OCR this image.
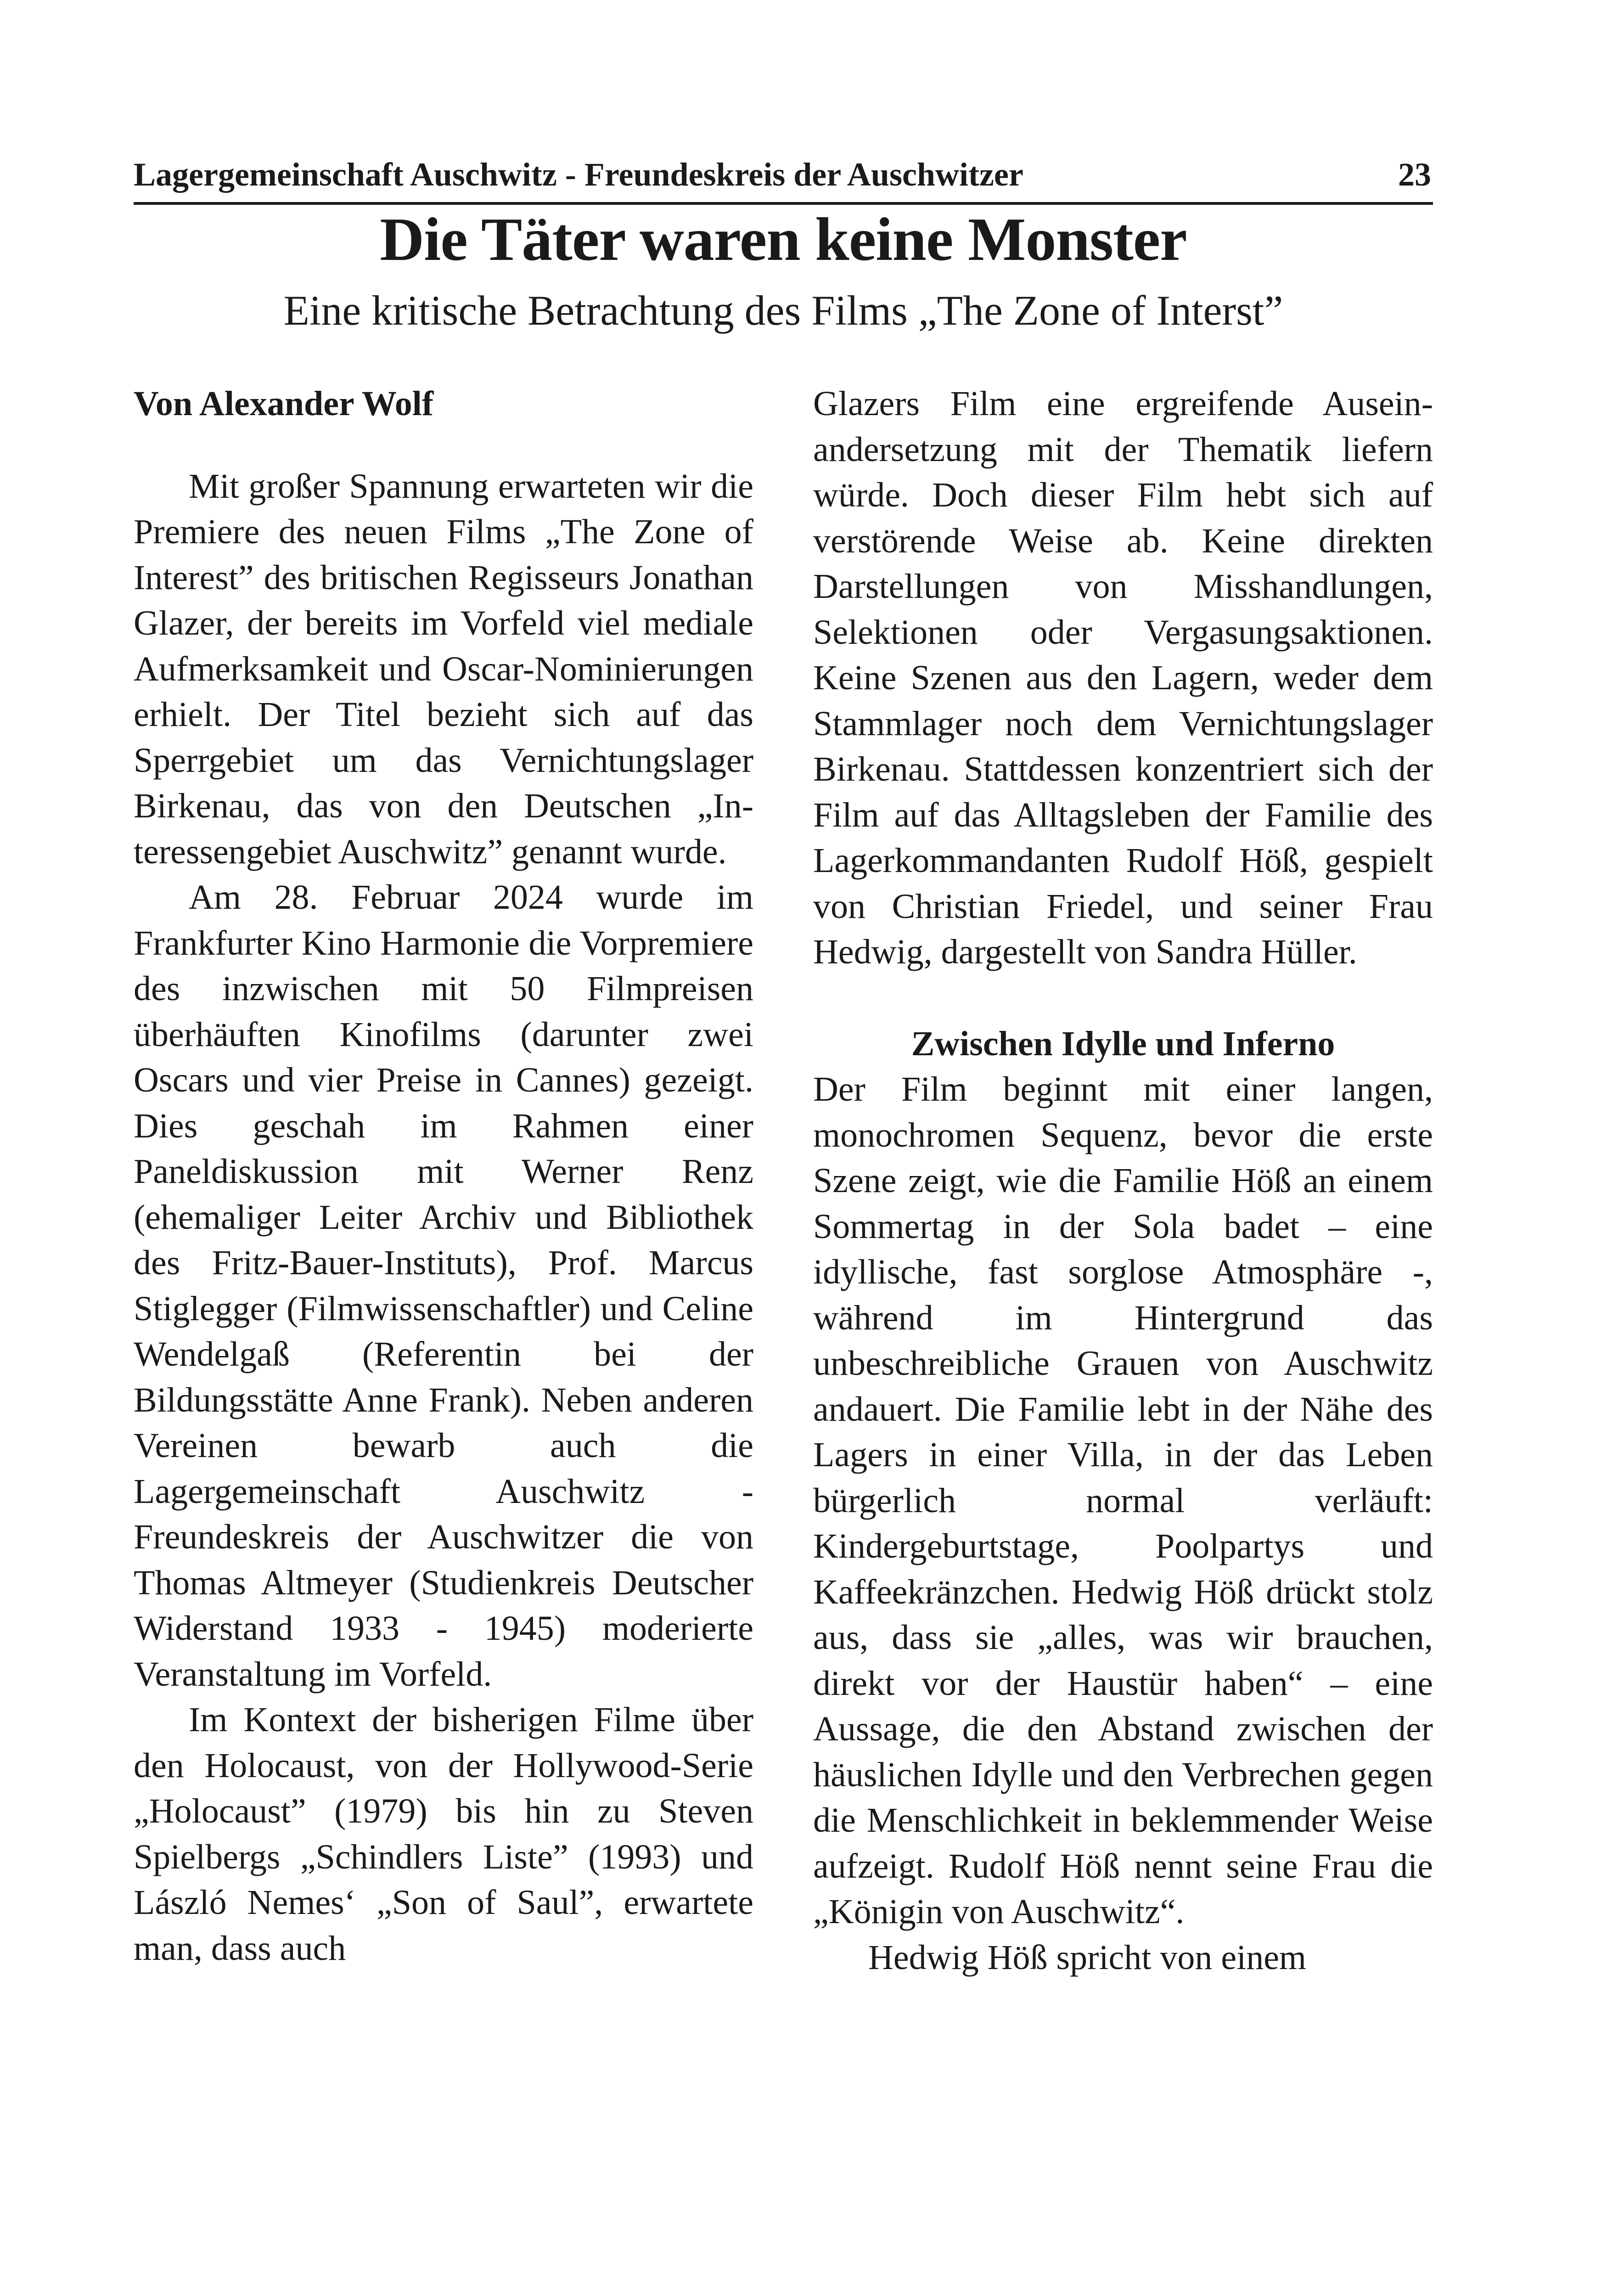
Lagergemeinschaft Auschwitz - Freundeskreis der Auschwitzer	23
Die Täter waren keine Monster
Eine kritische Betrachtung des Films „The Zone of Interst”

Von Alexander Wolf

Mit großer Spannung erwarteten wir die Premiere des neuen Films „The Zone of Interest” des britischen Regisseurs Jonathan Glazer, der bereits im Vorfeld viel mediale Aufmerksamkeit und Oscar-Nominierungen erhielt. Der Titel bezieht sich auf das Sperrgebiet um das Vernichtungslager Birkenau, das von den Deutschen „Interessengebiet Auschwitz” genannt wurde.

Am 28. Februar 2024 wurde im Frankfurter Kino Harmonie die Vorpremiere des inzwischen mit 50 Filmpreisen überhäuften Kinofilms (darunter zwei Oscars und vier Preise in Cannes) gezeigt. Dies geschah im Rahmen einer Paneldiskussion mit Werner Renz (ehemaliger Leiter Archiv und Bibliothek des Fritz-Bauer-Instituts), Prof. Marcus Stiglegger (Filmwissenschaftler) und Celine Wendelgaß (Referentin bei der Bildungsstätte Anne Frank). Neben anderen Vereinen bewarb auch die Lagergemeinschaft Auschwitz - Freundeskreis der Auschwitzer die von Thomas Altmeyer (Studienkreis Deutscher Widerstand 1933 - 1945) moderierte Veranstaltung im Vorfeld.

Im Kontext der bisherigen Filme über den Holocaust, von der Hollywood-Serie „Holocaust” (1979) bis hin zu Steven Spielbergs „Schindlers Liste” (1993) und László Nemes‘ „Son of Saul”, erwartete man, dass auch

Glazers Film eine ergreifende Auseinandersetzung mit der Thematik liefern würde. Doch dieser Film hebt sich auf verstörende Weise ab. Keine direkten Darstellungen von Misshandlungen, Selektionen oder Vergasungsaktionen. Keine Szenen aus den Lagern, weder dem Stammlager noch dem Vernichtungslager Birkenau. Stattdessen konzentriert sich der Film auf das Alltagsleben der Familie des Lagerkommandanten Rudolf Höß, gespielt von Christian Friedel, und seiner Frau Hedwig, dargestellt von Sandra Hüller.

Zwischen Idylle und Inferno

Der Film beginnt mit einer langen, monochromen Sequenz, bevor die erste Szene zeigt, wie die Familie Höß an einem Sommertag in der Sola badet – eine idyllische, fast sorglose Atmosphäre -, während im Hintergrund das unbeschreibliche Grauen von Auschwitz andauert. Die Familie lebt in der Nähe des Lagers in einer Villa, in der das Leben bürgerlich normal verläuft: Kindergeburtstage, Poolpartys und Kaffeekränzchen. Hedwig Höß drückt stolz aus, dass sie „alles, was wir brauchen, direkt vor der Haustür haben“ – eine Aussage, die den Abstand zwischen der häuslichen Idylle und den Verbrechen gegen die Menschlichkeit in beklemmender Weise aufzeigt. Rudolf Höß nennt seine Frau die „Königin von Auschwitz“.

Hedwig Höß spricht von einem
